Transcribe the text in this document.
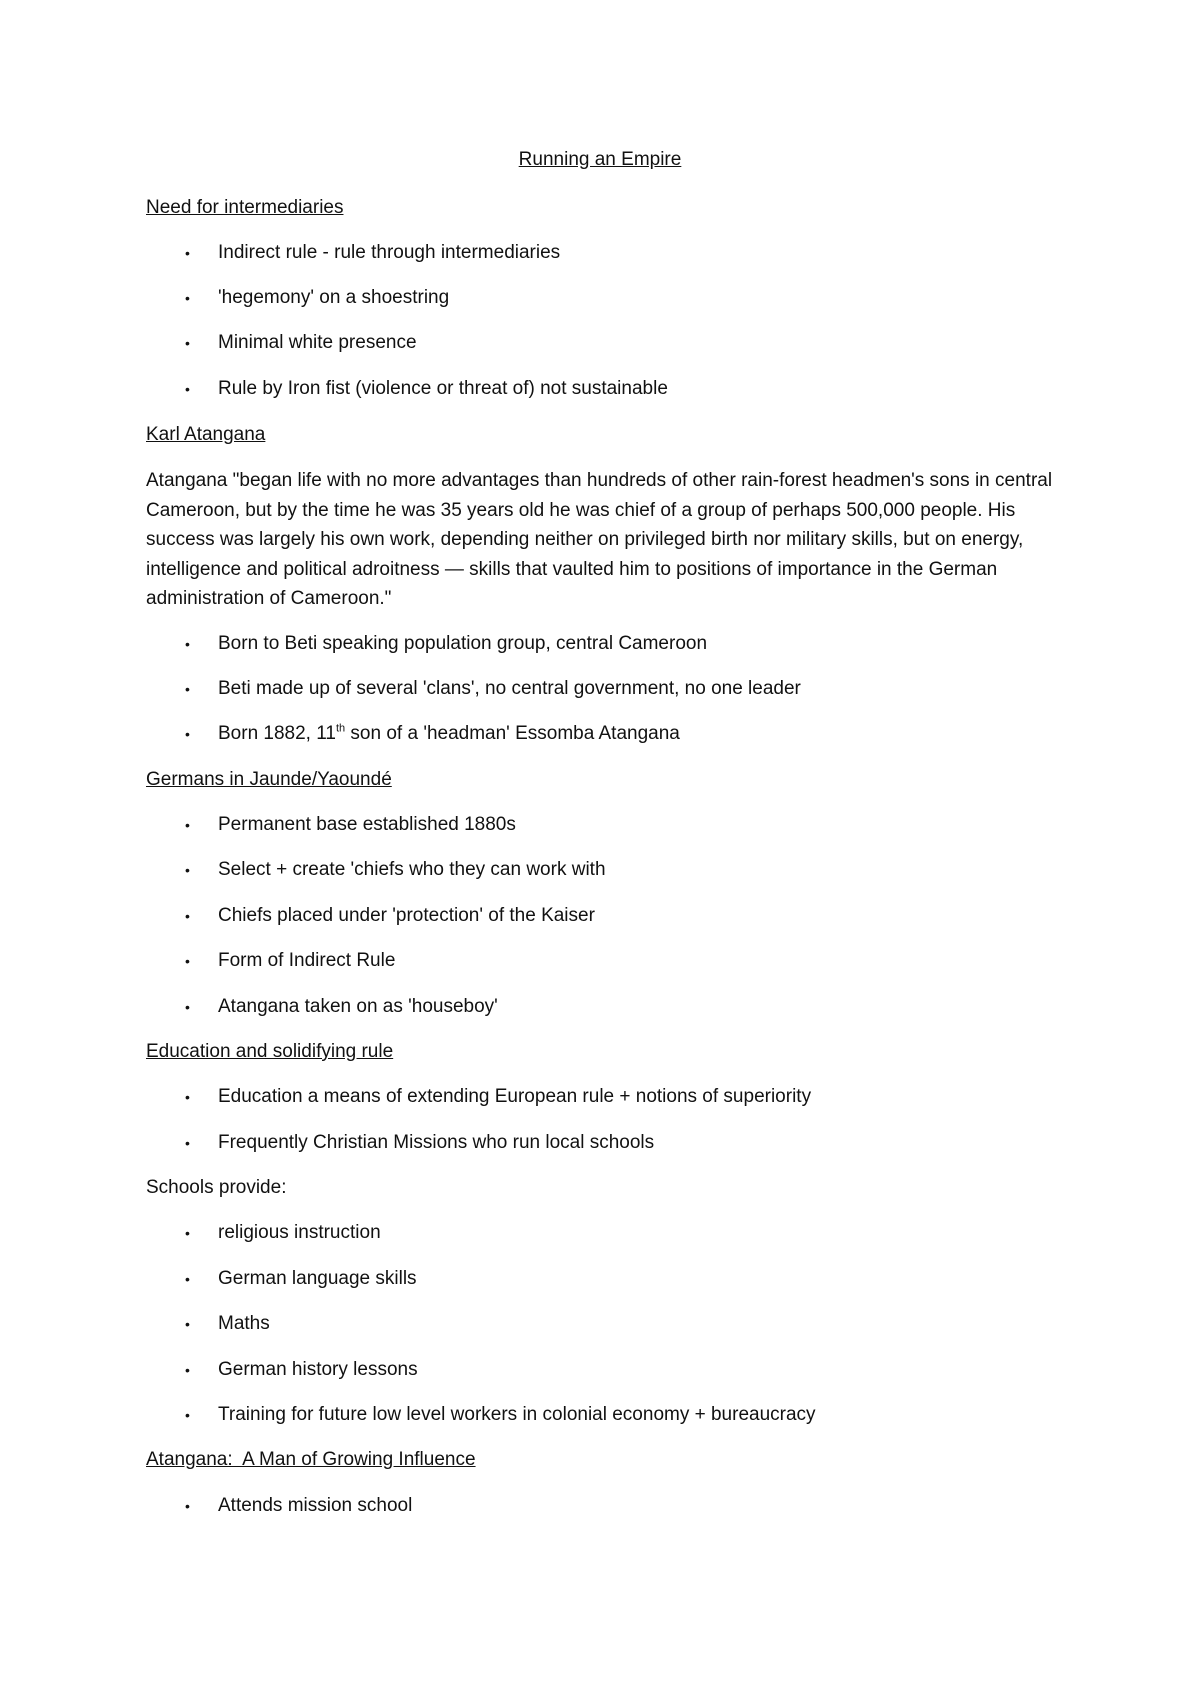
Running an Empire
Need for intermediaries
• Indirect rule - rule through intermediaries
• 'hegemony' on a shoestring
• Minimal white presence
• Rule by Iron fist (violence or threat of) not sustainable
Karl Atangana
Atangana "began life with no more advantages than hundreds of other rain-forest headmen's sons in central Cameroon, but by the time he was 35 years old he was chief of a group of perhaps 500,000 people. His success was largely his own work, depending neither on privileged birth nor military skills, but on energy, intelligence and political adroitness — skills that vaulted him to positions of importance in the German administration of Cameroon."
• Born to Beti speaking population group, central Cameroon
• Beti made up of several 'clans', no central government, no one leader
• Born 1882, 11th son of a 'headman' Essomba Atangana
Germans in Jaunde/Yaoundé
• Permanent base established 1880s
• Select + create 'chiefs who they can work with
• Chiefs placed under 'protection' of the Kaiser
• Form of Indirect Rule
• Atangana taken on as 'houseboy'
Education and solidifying rule
• Education a means of extending European rule + notions of superiority
• Frequently Christian Missions who run local schools
Schools provide:
• religious instruction
• German language skills
• Maths
• German history lessons
• Training for future low level workers in colonial economy + bureaucracy
Atangana:  A Man of Growing Influence
• Attends mission school
